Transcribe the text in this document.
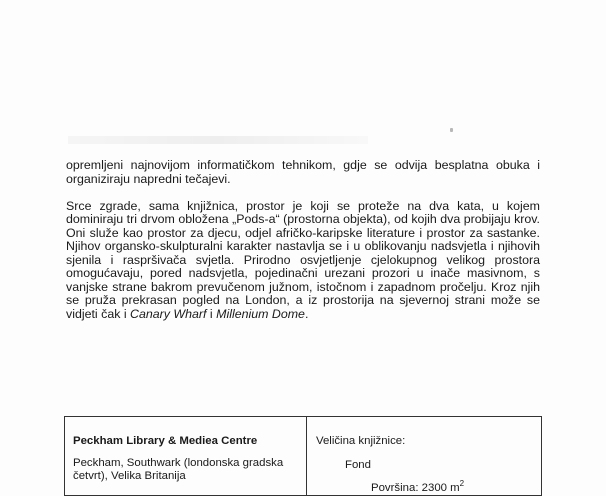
opremljeni najnovijom informatičkom tehnikom, gdje se odvija besplatna obuka i organiziraju napredni tečajevi.

Srce zgrade, sama knjižnica, prostor je koji se proteže na dva kata, u kojem dominiraju tri drvom obložena „Pods-a“ (prostorna objekta), od kojih dva probijaju krov. Oni služe kao prostor za djecu, odjel afričko-karipske literature i prostor za sastanke. Njihov organsko-skulpturalni karakter nastavlja se i u oblikovanju nadsvjetla i njihovih sjenila i raspršivača svjetla. Prirodno osvjetljenje cjelokupnog velikog prostora omogućavaju, pored nadsvjetla, pojedinačni urezani prozori u inače masivnom, s vanjske strane bakrom prevučenom južnom, istočnom i zapadnom pročelju. Kroz njih se pruža prekrasan pogled na London, a iz prostorija na sjevernoj strani može se vidjeti čak i Canary Wharf i Millenium Dome.

Peckham Library & Mediea Centre
Peckham, Southwark (londonska gradska četvrt), Velika Britanija
Veličina knjižnice:
Fond
Površina: 2300 $m^2$
